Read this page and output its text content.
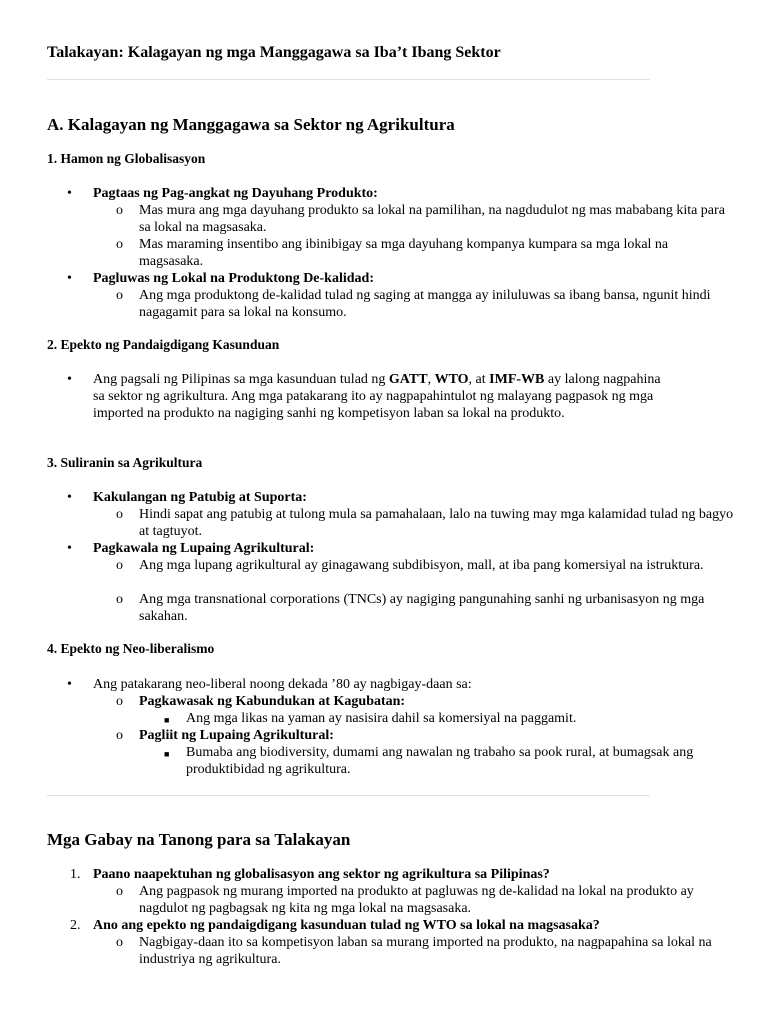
Talakayan: Kalagayan ng mga Manggagawa sa Iba’t Ibang Sektor
A. Kalagayan ng Manggagawa sa Sektor ng Agrikultura
1. Hamon ng Globalisasyon
• Pagtaas ng Pag-angkat ng Dayuhang Produkto:
o Mas mura ang mga dayuhang produkto sa lokal na pamilihan, na nagdudulot ng mas mababang kita para sa lokal na magsasaka.
o Mas maraming insentibo ang ibinibigay sa mga dayuhang kompanya kumpara sa mga lokal na magsasaka.
• Pagluwas ng Lokal na Produktong De-kalidad:
o Ang mga produktong de-kalidad tulad ng saging at mangga ay iniluluwas sa ibang bansa, ngunit hindi nagagamit para sa lokal na konsumo.
2. Epekto ng Pandaigdigang Kasunduan
• Ang pagsali ng Pilipinas sa mga kasunduan tulad ng GATT, WTO, at IMF-WB ay lalong nagpahina sa sektor ng agrikultura. Ang mga patakarang ito ay nagpapahintulot ng malayang pagpasok ng mga imported na produkto na nagiging sanhi ng kompetisyon laban sa lokal na produkto.
3. Suliranin sa Agrikultura
• Kakulangan ng Patubig at Suporta:
o Hindi sapat ang patubig at tulong mula sa pamahalaan, lalo na tuwing may mga kalamidad tulad ng bagyo at tagtuyot.
• Pagkawala ng Lupaing Agrikultural:
o Ang mga lupang agrikultural ay ginagawang subdibisyon, mall, at iba pang komersiyal na istruktura.
o Ang mga transnational corporations (TNCs) ay nagiging pangunahing sanhi ng urbanisasyon ng mga sakahan.
4. Epekto ng Neo-liberalismo
• Ang patakarang neo-liberal noong dekada ’80 ay nagbigay-daan sa:
o Pagkawasak ng Kabundukan at Kagubatan:
■ Ang mga likas na yaman ay nasisira dahil sa komersiyal na paggamit.
o Pagliit ng Lupaing Agrikultural:
■ Bumaba ang biodiversity, dumami ang nawalan ng trabaho sa pook rural, at bumagsak ang produktibidad ng agrikultura.
Mga Gabay na Tanong para sa Talakayan
1. Paano naapektuhan ng globalisasyon ang sektor ng agrikultura sa Pilipinas?
o Ang pagpasok ng murang imported na produkto at pagluwas ng de-kalidad na lokal na produkto ay nagdulot ng pagbagsak ng kita ng mga lokal na magsasaka.
2. Ano ang epekto ng pandaigdigang kasunduan tulad ng WTO sa lokal na magsasaka?
o Nagbigay-daan ito sa kompetisyon laban sa murang imported na produkto, na nagpapahina sa lokal na industriya ng agrikultura.
